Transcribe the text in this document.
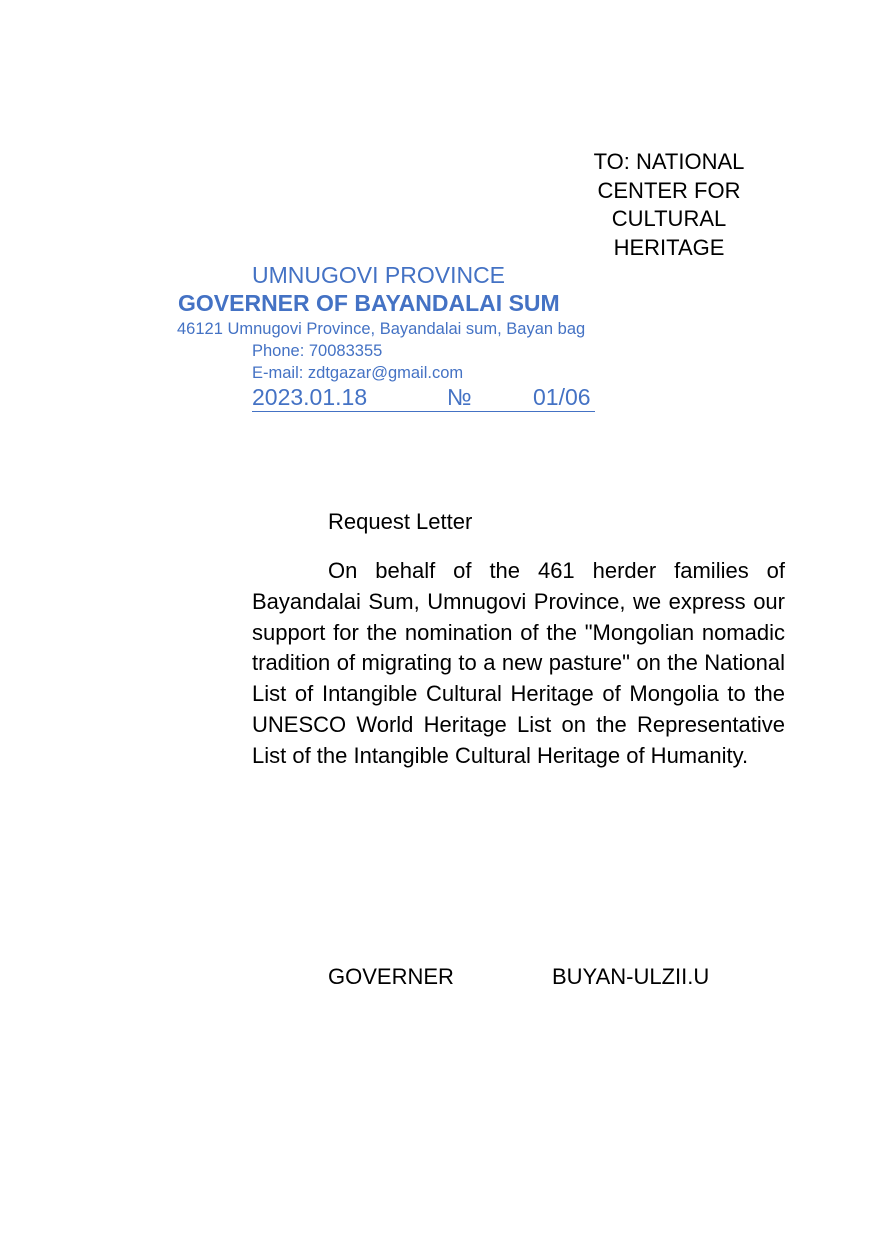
TO: NATIONAL
CENTER FOR
CULTURAL
HERITAGE
UMNUGOVI PROVINCE
GOVERNER OF BAYANDALAI SUM
46121 Umnugovi Province, Bayandalai sum, Bayan bag
Phone: 70083355
E-mail: zdtgazar@gmail.com
2023.01.18	№	01/06
Request Letter

On behalf of the 461 herder families of Bayandalai Sum, Umnugovi Province, we express our support for the nomination of the "Mongolian nomadic tradition of migrating to a new pasture" on the National List of Intangible Cultural Heritage of Mongolia to the UNESCO World Heritage List on the Representative List of the Intangible Cultural Heritage of Humanity.

GOVERNER	BUYAN-ULZII.U
